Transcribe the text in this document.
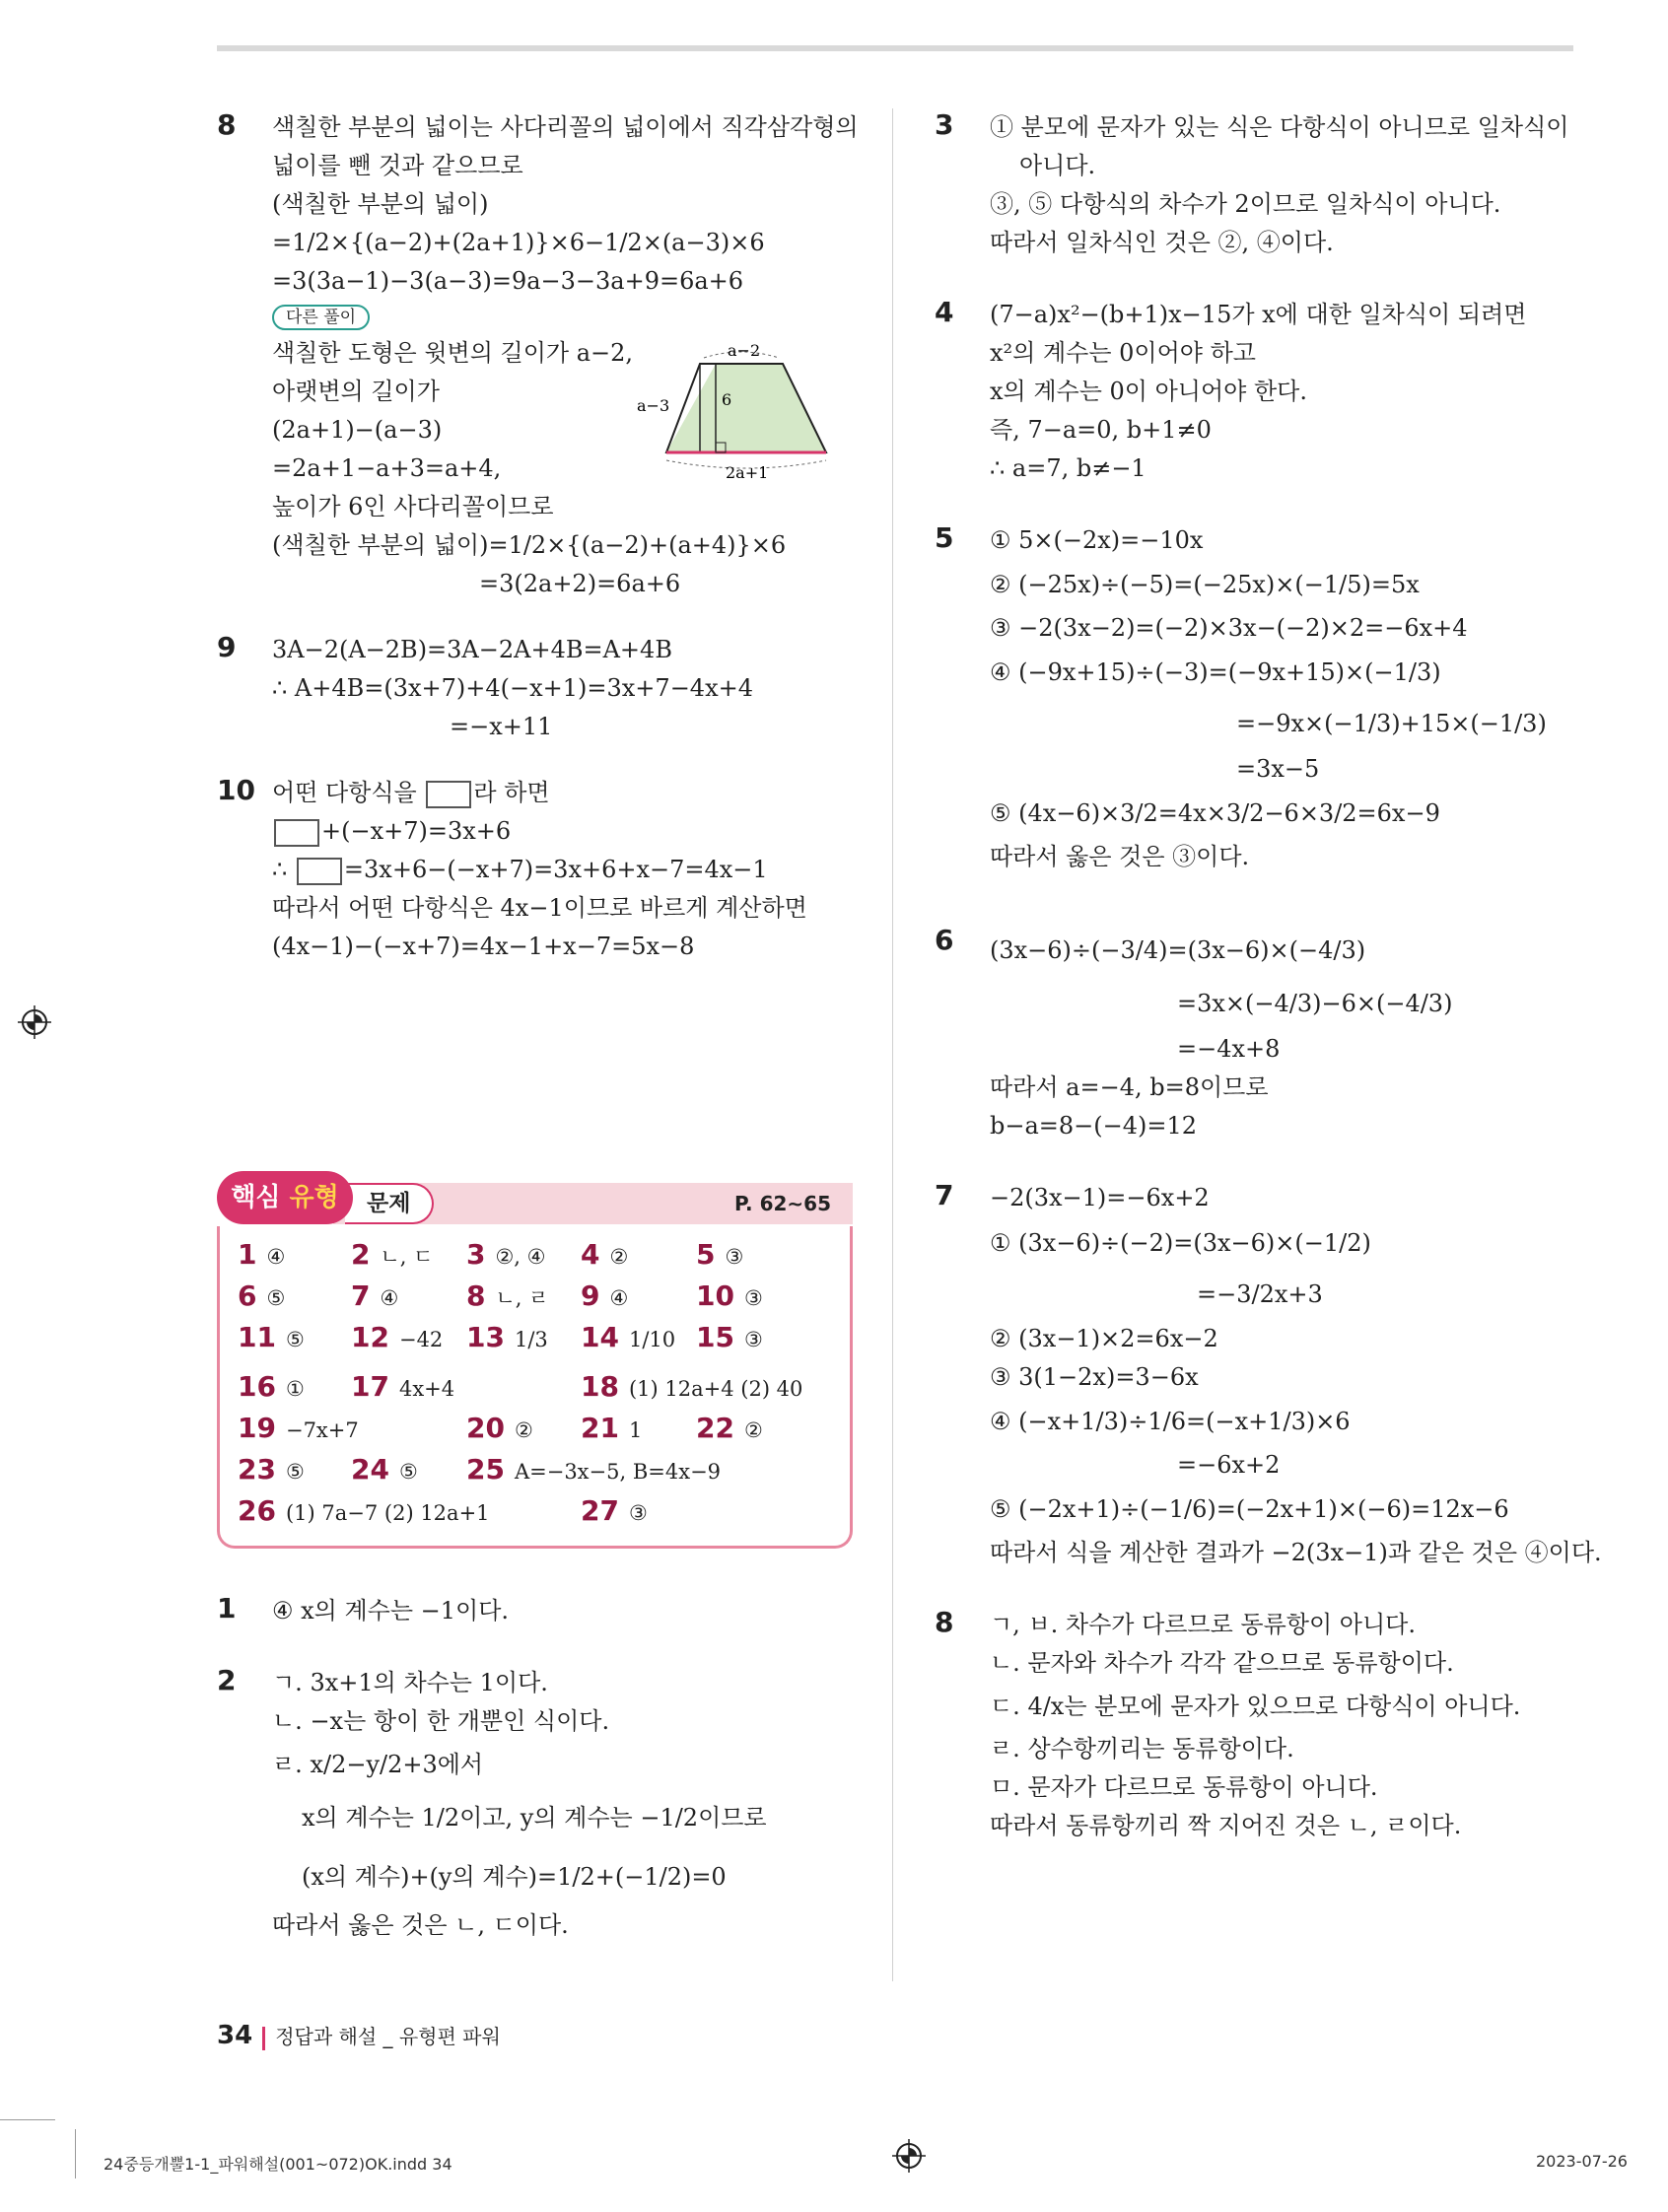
8 색칠한 부분의 넓이는 사다리꼴의 넓이에서 직각삼각형의
넓이를 뺀 것과 같으므로
(색칠한 부분의 넓이)
=1/2×{(a−2)+(2a+1)}×6−1/2×(a−3)×6
=3(3a−1)−3(a−3)=9a−3−3a+9=6a+6
다른 풀이
색칠한 도형은 윗변의 길이가 a−2,
아랫변의 길이가
(2a+1)−(a−3)
=2a+1−a+3=a+4,
높이가 6인 사다리꼴이므로
a−2
a−3	6
2a+1
(색칠한 부분의 넓이)=1/2×{(a−2)+(a+4)}×6
=3(2a+2)=6a+6
9 3A−2(A−2B)=3A−2A+4B=A+4B
∴ A+4B=(3x+7)+4(−x+1)=3x+7−4x+4
=−x+11
10 어떤 다항식을 라 하면
+(−x+7)=3x+6
∴ =3x+6−(−x+7)=3x+6+x−7=4x−1
따라서 어떤 다항식은 4x−1이므로 바르게 계산하면
(4x−1)−(−x+7)=4x−1+x−7=5x−8
문제
핵심 유형	P. 62∼65
1 ④ 2 ㄴ, ㄷ 3 ②, ④ 4 ② 5 ③
6 ⑤ 7 ④ 8 ㄴ, ㄹ 9 ④ 10 ③
11 ⑤ 12 −42 13 1/3 14 1/10 15 ③
16 ① 17 4x+4	18 (1) 12a+4 (2) 40
19 −7x+7	20 ② 21 1 22 ②
23 ⑤ 24 ⑤ 25 A=−3x−5, B=4x−9
26 (1) 7a−7 (2) 12a+1	27 ③
1 ④ x의 계수는 −1이다.
2 ㄱ. 3x+1의 차수는 1이다.
ㄴ. −x는 항이 한 개뿐인 식이다.
ㄹ. x/2−y/2+3에서
x의 계수는 1/2이고, y의 계수는 −1/2이므로
(x의 계수)+(y의 계수)=1/2+(−1/2)=0
따라서 옳은 것은 ㄴ, ㄷ이다.
3 ① 분모에 문자가 있는 식은 다항식이 아니므로 일차식이
아니다.
③, ⑤ 다항식의 차수가 2이므로 일차식이 아니다.
따라서 일차식인 것은 ②, ④이다.
4 (7−a)x²−(b+1)x−15가 x에 대한 일차식이 되려면
x²의 계수는 0이어야 하고
x의 계수는 0이 아니어야 한다.
즉, 7−a=0, b+1≠0
∴ a=7, b≠−1
5 ① 5×(−2x)=−10x
② (−25x)÷(−5)=(−25x)×(−1/5)=5x
③ −2(3x−2)=(−2)×3x−(−2)×2=−6x+4
④ (−9x+15)÷(−3)=(−9x+15)×(−1/3)
=−9x×(−1/3)+15×(−1/3)
=3x−5
⑤ (4x−6)×3/2=4x×3/2−6×3/2=6x−9
따라서 옳은 것은 ③이다.
6 (3x−6)÷(−3/4)=(3x−6)×(−4/3)
=3x×(−4/3)−6×(−4/3)
=−4x+8
따라서 a=−4, b=8이므로
b−a=8−(−4)=12
7 −2(3x−1)=−6x+2
① (3x−6)÷(−2)=(3x−6)×(−1/2)
=−3/2x+3
② (3x−1)×2=6x−2
③ 3(1−2x)=3−6x
④ (−x+1/3)÷1/6=(−x+1/3)×6
=−6x+2
⑤ (−2x+1)÷(−1/6)=(−2x+1)×(−6)=12x−6
따라서 식을 계산한 결과가 −2(3x−1)과 같은 것은 ④이다.
8 ㄱ, ㅂ. 차수가 다르므로 동류항이 아니다.
ㄴ. 문자와 차수가 각각 같으므로 동류항이다.
ㄷ. 4/x는 분모에 문자가 있으므로 다항식이 아니다.
ㄹ. 상수항끼리는 동류항이다.
ㅁ. 문자가 다르므로 동류항이 아니다.
따라서 동류항끼리 짝 지어진 것은 ㄴ, ㄹ이다.
34 정답과 해설 _ 유형편 파워
24중등개뿔1-1_파워해설(001~072)OK.indd 34	2023-07-26
